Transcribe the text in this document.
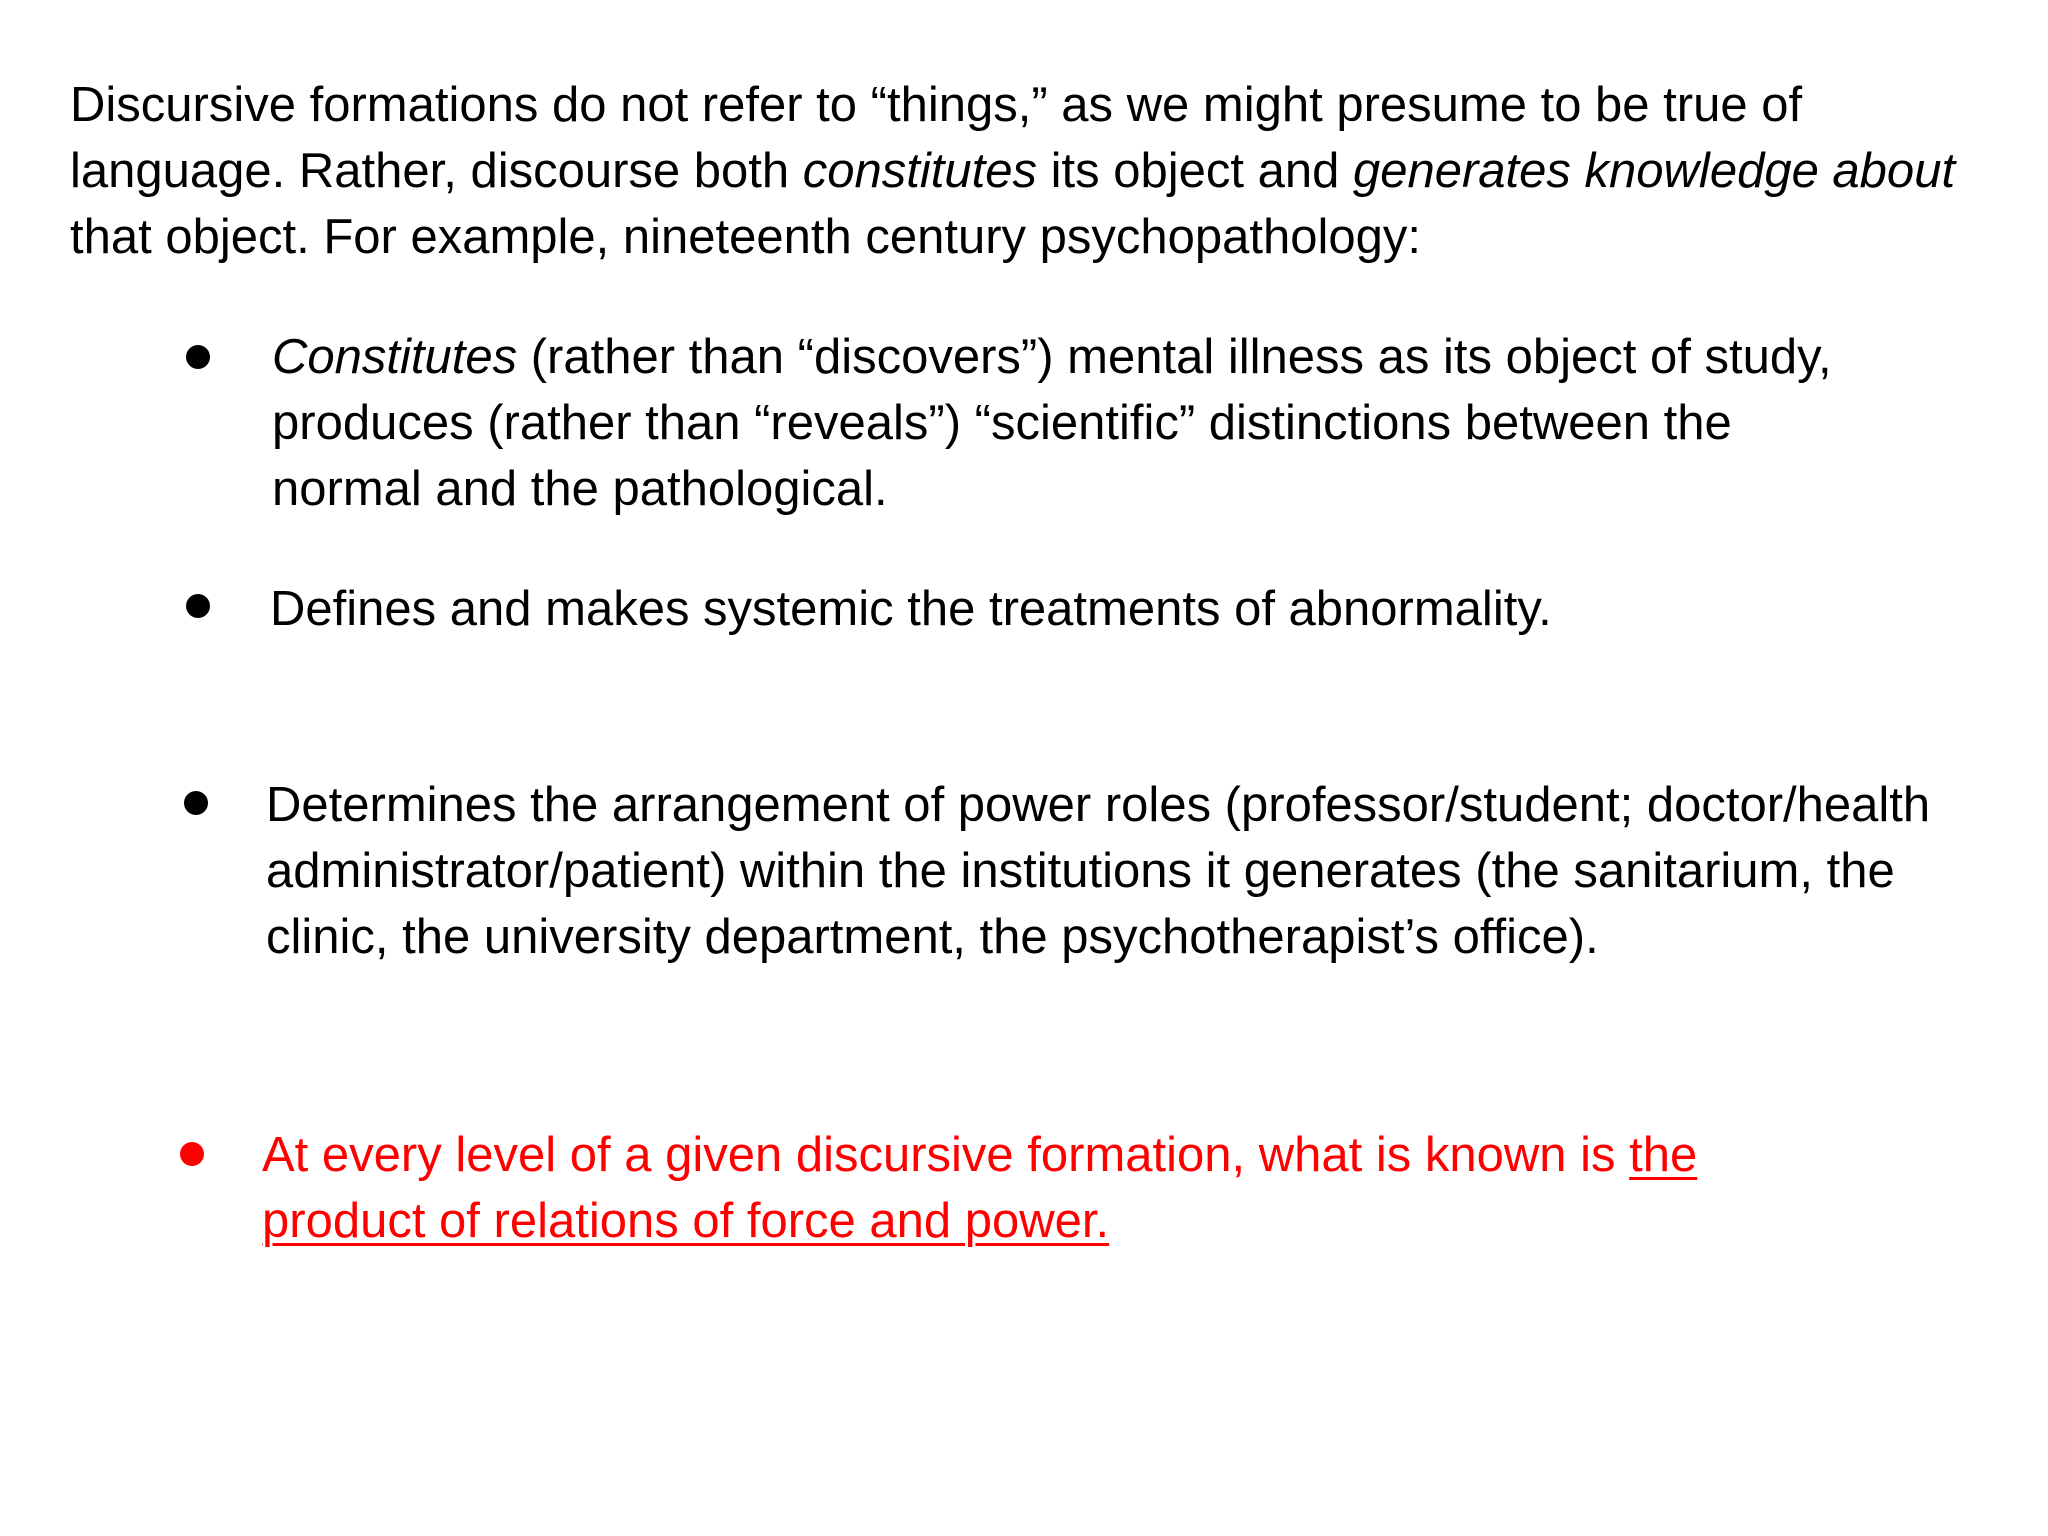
Discursive formations do not refer to “things,” as we might presume to be true of language. Rather, discourse both constitutes its object and generates knowledge about that object. For example, nineteenth century psychopathology:

Constitutes (rather than “discovers”) mental illness as its object of study, produces (rather than “reveals”) “scientific” distinctions between the normal and the pathological.

Defines and makes systemic the treatments of abnormality.

Determines the arrangement of power roles (professor/student; doctor/health administrator/patient) within the institutions it generates (the sanitarium, the clinic, the university department, the psychotherapist’s office).

At every level of a given discursive formation, what is known is the product of relations of force and power.
